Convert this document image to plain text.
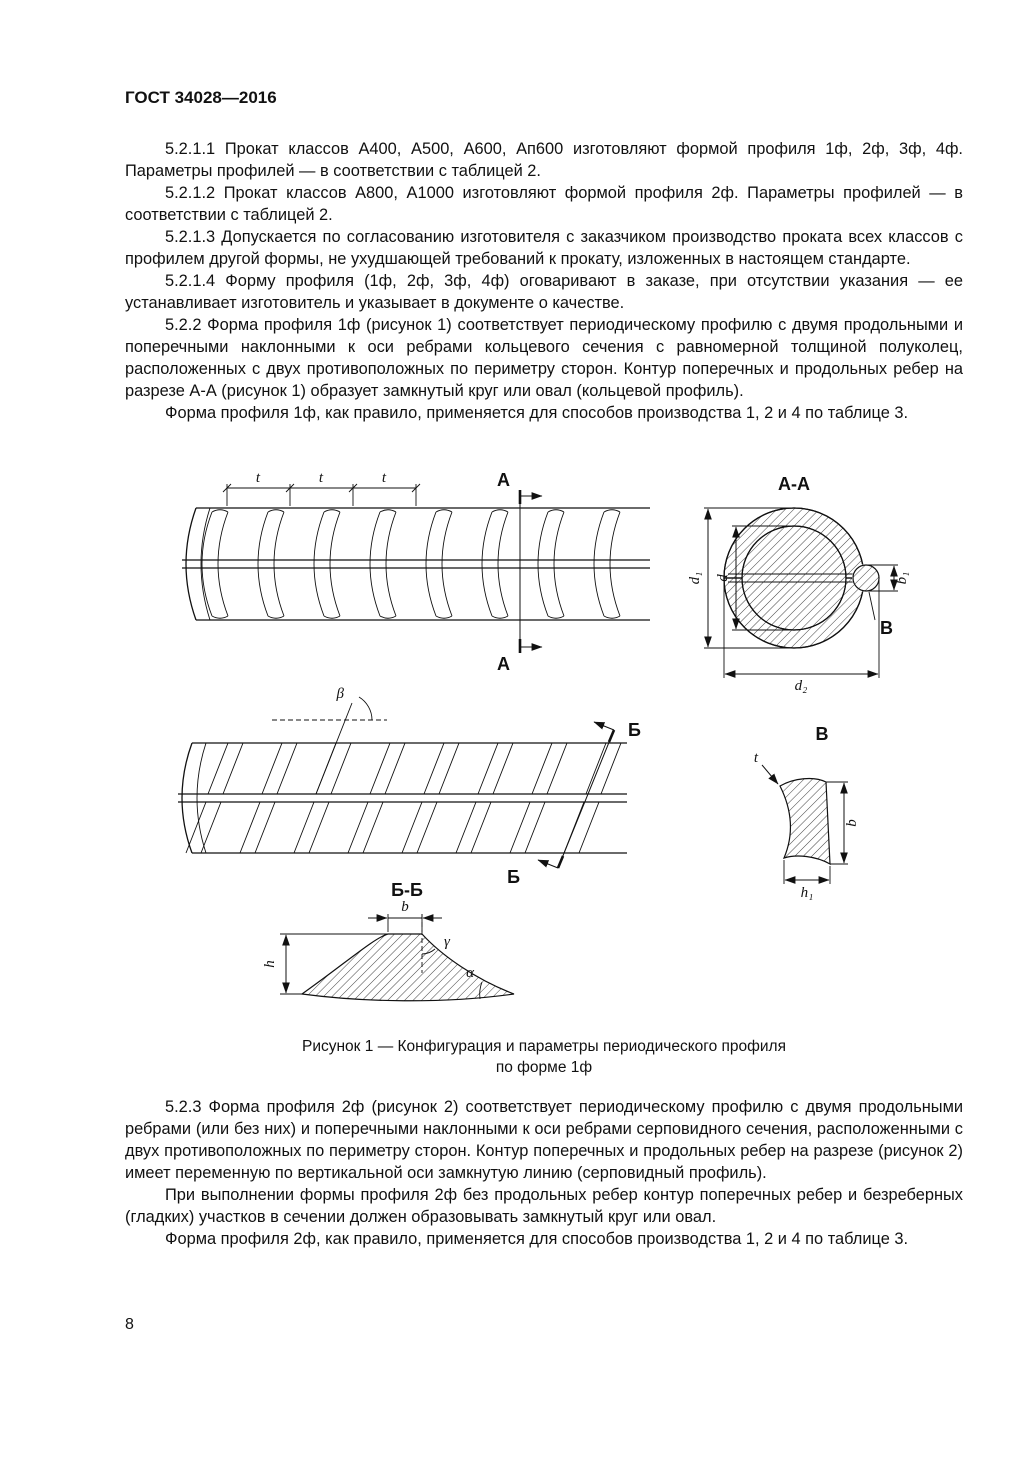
ГОСТ 34028—2016

5.2.1.1 Прокат классов А400, А500, А600, Ап600 изготовляют формой профиля 1ф, 2ф, 3ф, 4ф. Параметры профилей — в соответствии с таблицей 2.

5.2.1.2 Прокат классов А800, А1000 изготовляют формой профиля 2ф. Параметры профилей — в соответствии с таблицей 2.

5.2.1.3 Допускается по согласованию изготовителя с заказчиком производство проката всех классов с профилем другой формы, не ухудшающей требований к прокату, изложенных в настоящем стандарте.

5.2.1.4 Форму профиля (1ф, 2ф, 3ф, 4ф) оговаривают в заказе, при отсутствии указания — ее устанавливает изготовитель и указывает в документе о качестве.

5.2.2 Форма профиля 1ф (рисунок 1) соответствует периодическому профилю с двумя продольными и поперечными наклонными к оси ребрами кольцевого сечения с равномерной толщиной полуколец, расположенных с двух противоположных по периметру сторон. Контур поперечных и продольных ребер на разрезе А-А (рисунок 1) образует замкнутый круг или овал (кольцевой профиль).

Форма профиля 1ф, как правило, применяется для способов производства 1, 2 и 4 по таблице 3.

t	t	t	А
А
А-А
d₁ d
d₂
b₁
В
β
Б
Б
В
t
b
h₁
Б-Б
b
γ
α
h
Рисунок 1 — Конфигурация и параметры периодического профиля
по форме 1ф

5.2.3 Форма профиля 2ф (рисунок 2) соответствует периодическому профилю с двумя продольными ребрами (или без них) и поперечными наклонными к оси ребрами серповидного сечения, расположенными с двух противоположных по периметру сторон. Контур поперечных и продольных ребер на разрезе (рисунок 2) имеет переменную по вертикальной оси замкнутую линию (серповидный профиль).

При выполнении формы профиля 2ф без продольных ребер контур поперечных ребер и безреберных (гладких) участков в сечении должен образовывать замкнутый круг или овал.

Форма профиля 2ф, как правило, применяется для способов производства 1, 2 и 4 по таблице 3.

8
